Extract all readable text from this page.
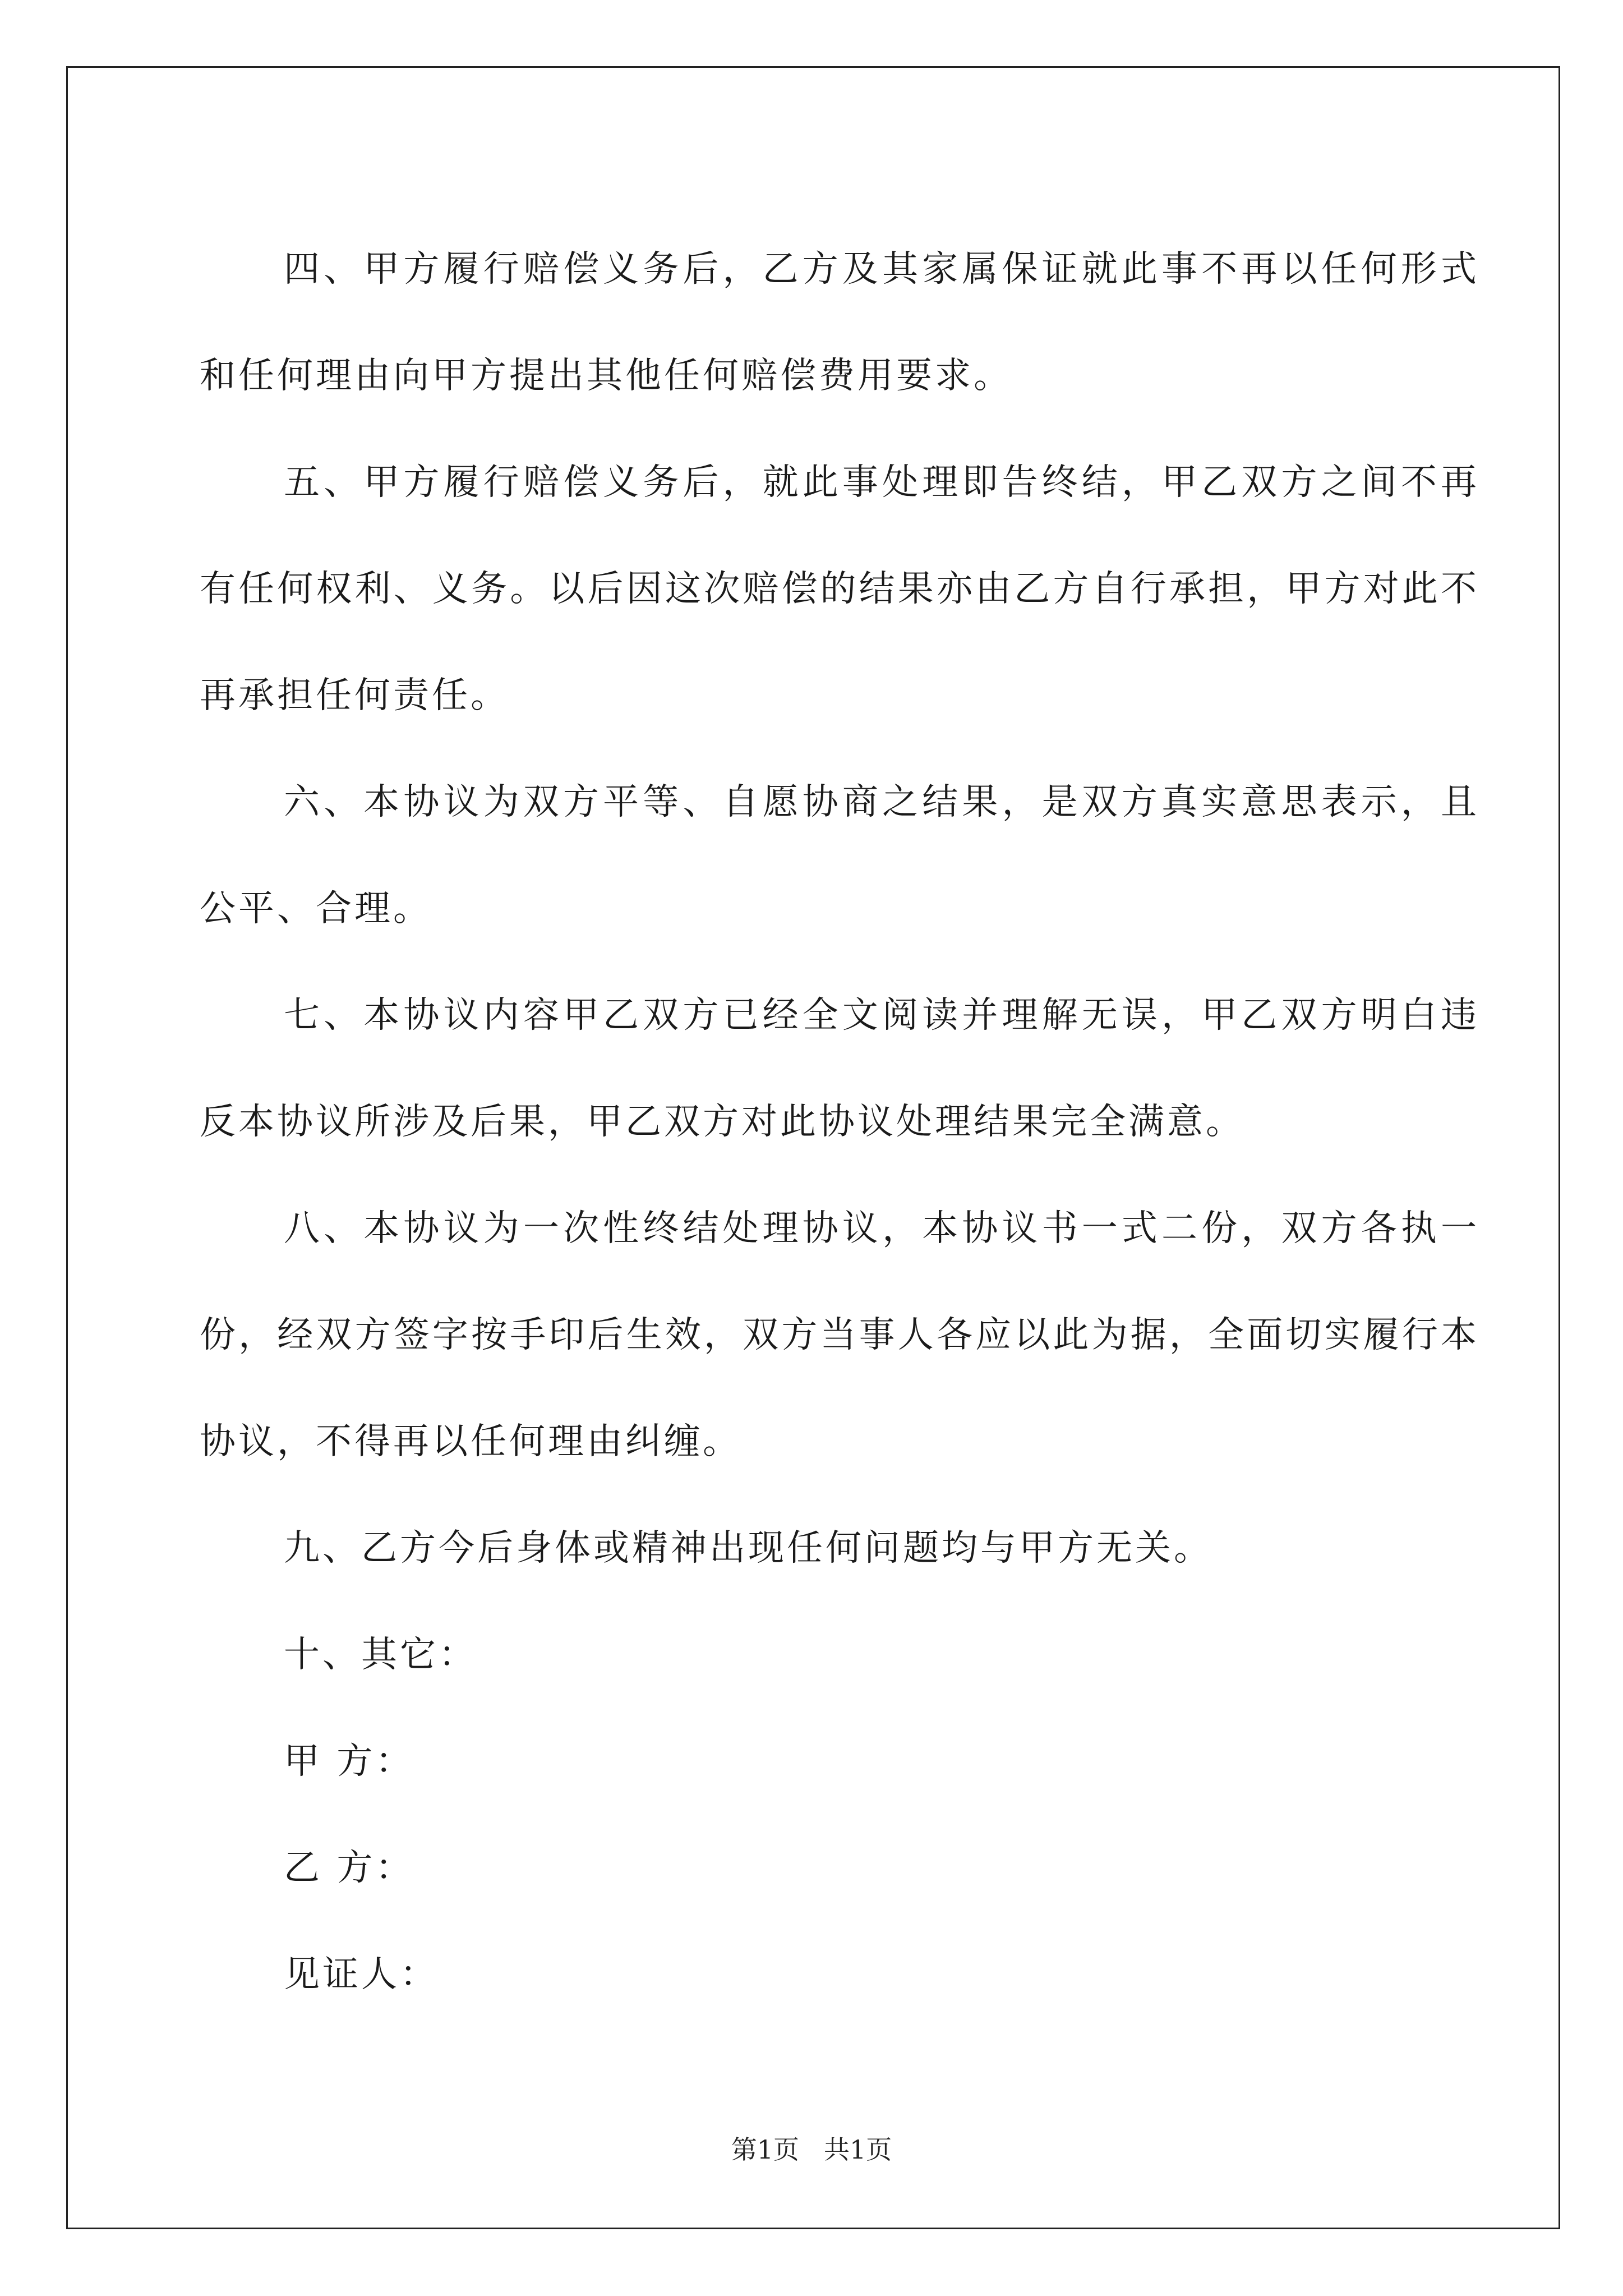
四、甲方履行赔偿义务后，乙方及其家属保证就此事不再以任何形式和任何理由向甲方提出其他任何赔偿费用要求。

五、甲方履行赔偿义务后，就此事处理即告终结，甲乙双方之间不再有任何权利、义务。以后因这次赔偿的结果亦由乙方自行承担，甲方对此不再承担任何责任。

六、本协议为双方平等、自愿协商之结果，是双方真实意思表示，且公平、合理。

七、本协议内容甲乙双方已经全文阅读并理解无误，甲乙双方明白违反本协议所涉及后果，甲乙双方对此协议处理结果完全满意。

八、本协议为一次性终结处理协议，本协议书一式二份，双方各执一份，经双方签字按手印后生效，双方当事人各应以此为据，全面切实履行本协议，不得再以任何理由纠缠。

九、乙方今后身体或精神出现任何问题均与甲方无关。

十、其它：

甲 方：

乙 方：

见证人：

第1页 共1页
